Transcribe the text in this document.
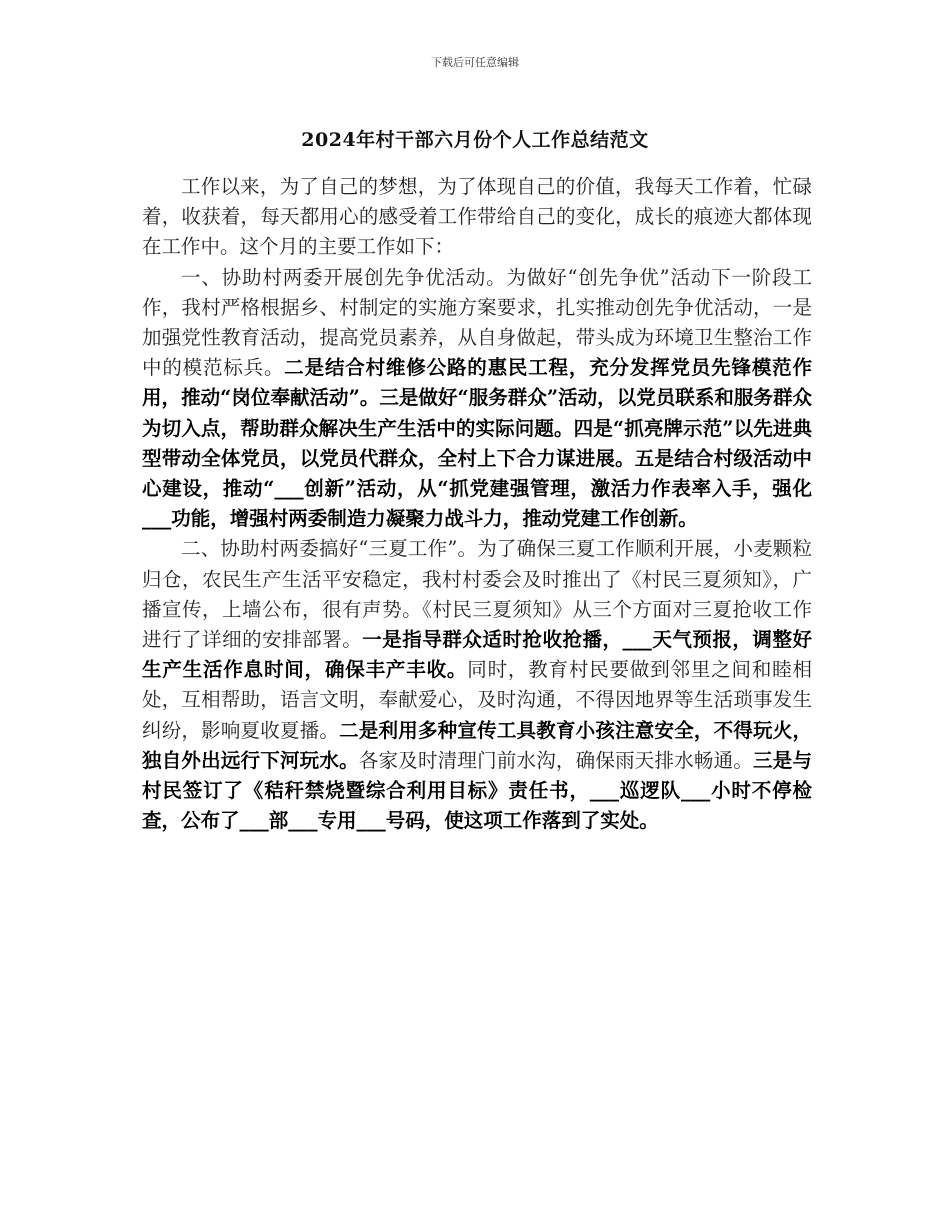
下载后可任意编辑
2024年村干部六月份个人工作总结范文

工作以来，为了自己的梦想，为了体现自己的价值，我每天工作着，忙碌着，收获着，每天都用心的感受着工作带给自己的变化，成长的痕迹大都体现在工作中。这个月的主要工作如下：

一、协助村两委开展创先争优活动。为做好“创先争优”活动下一阶段工作，我村严格根据乡、村制定的实施方案要求，扎实推动创先争优活动，一是加强党性教育活动，提高党员素养，从自身做起，带头成为环境卫生整治工作中的模范标兵。二是结合村维修公路的惠民工程，充分发挥党员先锋模范作用，推动“岗位奉献活动”。三是做好“服务群众”活动，以党员联系和服务群众为切入点，帮助群众解决生产生活中的实际问题。四是“抓亮牌示范”以先进典型带动全体党员，以党员代群众，全村上下合力谋进展。五是结合村级活动中心建设，推动“___创新”活动，从“抓党建强管理，激活力作表率入手，强化___功能，增强村两委制造力凝聚力战斗力，推动党建工作创新。

二、协助村两委搞好“三夏工作”。为了确保三夏工作顺利开展，小麦颗粒归仓，农民生产生活平安稳定，我村村委会及时推出了《村民三夏须知》，广播宣传，上墙公布，很有声势。《村民三夏须知》从三个方面对三夏抢收工作进行了详细的安排部署。一是指导群众适时抢收抢播，___天气预报，调整好生产生活作息时间，确保丰产丰收。同时，教育村民要做到邻里之间和睦相处，互相帮助，语言文明，奉献爱心，及时沟通，不得因地界等生活琐事发生纠纷，影响夏收夏播。二是利用多种宣传工具教育小孩注意安全，不得玩火，独自外出远行下河玩水。各家及时清理门前水沟，确保雨天排水畅通。三是与村民签订了《秸秆禁烧暨综合利用目标》责任书，___巡逻队___小时不停检查，公布了___部___专用___号码，使这项工作落到了实处。
